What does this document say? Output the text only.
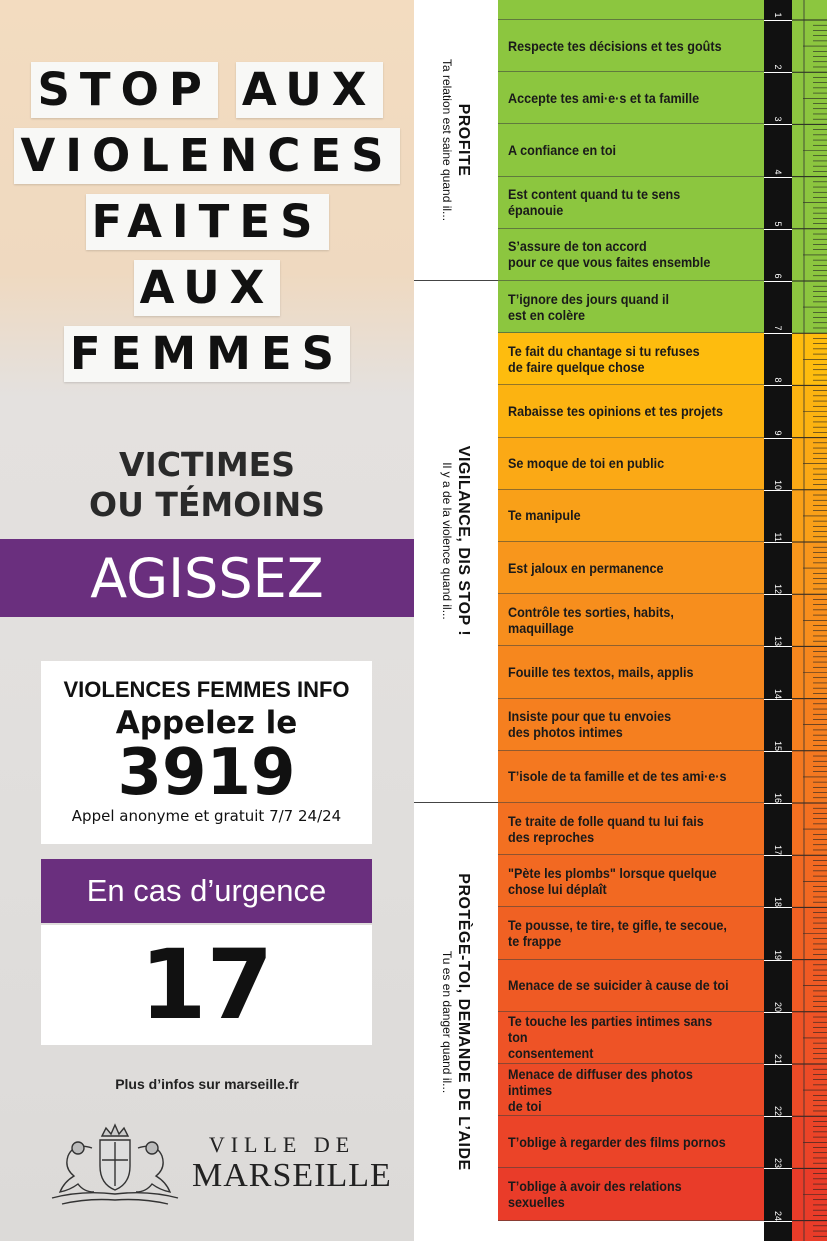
STOP AUX
VIOLENCES
FAITES
AUX
FEMMES
VICTIMES
OU TÉMOINS
AGISSEZ
VIOLENCES FEMMES INFO
Appelez le
3919
Appel anonyme et gratuit 7/7 24/24
En cas d’urgence
17
Plus d’infos sur marseille.fr
VILLE DE
MARSEILLE
PROFITE
Ta relation est saine quand il...
VIGILANCE, DIS STOP !
Il y a de la violence quand il...
PROTÈGE-TOI, DEMANDE DE L’AIDE
Tu es en danger quand il...
Respecte tes décisions et tes goûts
Accepte tes ami·e·s et ta famille
A confiance en toi
Est content quand tu te sens épanouie
S’assure de ton accord
pour ce que vous faites ensemble
T’ignore des jours quand il
est en colère
Te fait du chantage si tu refuses
de faire quelque chose
Rabaisse tes opinions et tes projets
Se moque de toi en public
Te manipule
Est jaloux en permanence
Contrôle tes sorties, habits,
maquillage
Fouille tes textos, mails, applis
Insiste pour que tu envoies
des photos intimes
T’isole de ta famille et de tes ami·e·s
Te traite de folle quand tu lui fais
des reproches
"Pète les plombs" lorsque quelque
chose lui déplaît
Te pousse, te tire, te gifle, te secoue,
te frappe
Menace de se suicider à cause de toi
Te touche les parties intimes sans ton
consentement
Menace de diffuser des photos intimes
de toi
T’oblige à regarder des films pornos
T’oblige à avoir des relations
sexuelles
1
2
3
4
5
6
7
8
9
10
11
12
13
14
15
16
17
18
19
20
21
22
23
24
